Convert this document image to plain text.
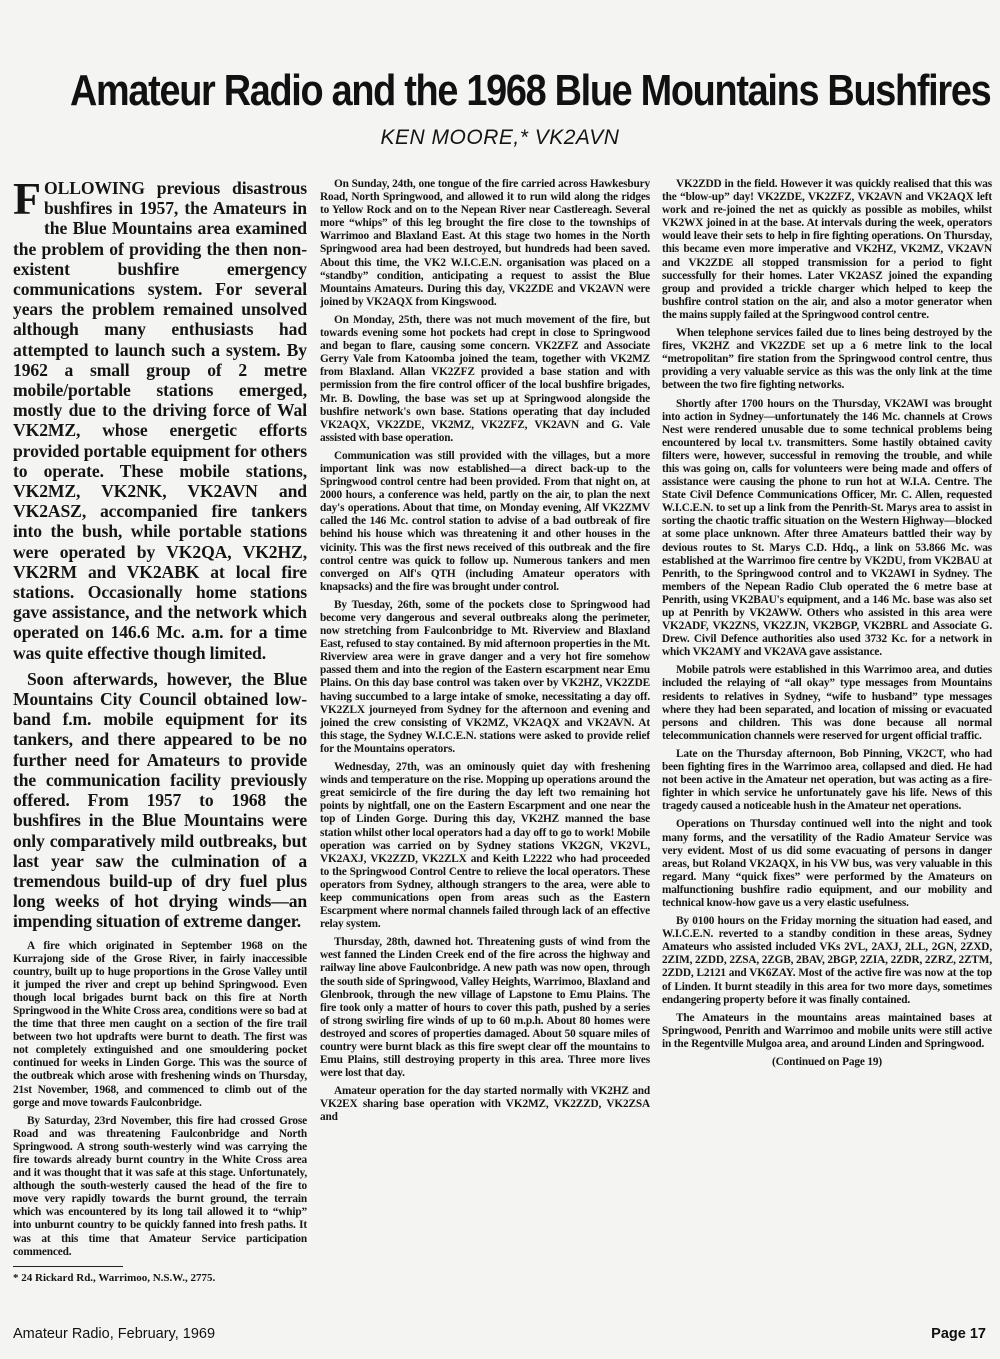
Amateur Radio and the 1968 Blue Mountains Bushfires
KEN MOORE,* VK2AVN

FOLLOWING previous disastrous bushfires in 1957, the Amateurs in the Blue Mountains area examined the problem of providing the then non-existent bushfire emergency communications system. For several years the problem remained unsolved although many enthusiasts had attempted to launch such a system. By 1962 a small group of 2 metre mobile/portable stations emerged, mostly due to the driving force of Wal VK2MZ, whose energetic efforts provided portable equipment for others to operate. These mobile stations, VK2MZ, VK2NK, VK2AVN and VK2ASZ, accompanied fire tankers into the bush, while portable stations were operated by VK2QA, VK2HZ, VK2RM and VK2ABK at local fire stations. Occasionally home stations gave assistance, and the network which operated on 146.6 Mc. a.m. for a time was quite effective though limited.

Soon afterwards, however, the Blue Mountains City Council obtained low-band f.m. mobile equipment for its tankers, and there appeared to be no further need for Amateurs to provide the communication facility previously offered. From 1957 to 1968 the bushfires in the Blue Mountains were only comparatively mild outbreaks, but last year saw the culmination of a tremendous build-up of dry fuel plus long weeks of hot drying winds—an impending situation of extreme danger.

A fire which originated in September 1968 on the Kurrajong side of the Grose River, in fairly inaccessible country, built up to huge proportions in the Grose Valley until it jumped the river and crept up behind Springwood. Even though local brigades burnt back on this fire at North Springwood in the White Cross area, conditions were so bad at the time that three men caught on a section of the fire trail between two hot updrafts were burnt to death. The first was not completely extinguished and one smouldering pocket continued for weeks in Linden Gorge. This was the source of the outbreak which arose with freshening winds on Thursday, 21st November, 1968, and commenced to climb out of the gorge and move towards Faulconbridge.

By Saturday, 23rd November, this fire had crossed Grose Road and was threatening Faulconbridge and North Springwood. A strong south-westerly wind was carrying the fire towards already burnt country in the White Cross area and it was thought that it was safe at this stage. Unfortunately, although the south-westerly caused the head of the fire to move very rapidly towards the burnt ground, the terrain which was encountered by its long tail allowed it to “whip” into unburnt country to be quickly fanned into fresh paths. It was at this time that Amateur Service participation commenced.

* 24 Rickard Rd., Warrimoo, N.S.W., 2775.

On Sunday, 24th, one tongue of the fire carried across Hawkesbury Road, North Springwood, and allowed it to run wild along the ridges to Yellow Rock and on to the Nepean River near Castlereagh. Several more “whips” of this leg brought the fire close to the townships of Warrimoo and Blaxland East. At this stage two homes in the North Springwood area had been destroyed, but hundreds had been saved. About this time, the VK2 W.I.C.E.N. organisation was placed on a “standby” condition, anticipating a request to assist the Blue Mountains Amateurs. During this day, VK2ZDE and VK2AVN were joined by VK2AQX from Kingswood.

On Monday, 25th, there was not much movement of the fire, but towards evening some hot pockets had crept in close to Springwood and began to flare, causing some concern. VK2ZFZ and Associate Gerry Vale from Katoomba joined the team, together with VK2MZ from Blaxland. Allan VK2ZFZ provided a base station and with permission from the fire control officer of the local bushfire brigades, Mr. B. Dowling, the base was set up at Springwood alongside the bushfire network's own base. Stations operating that day included VK2AQX, VK2ZDE, VK2MZ, VK2ZFZ, VK2AVN and G. Vale assisted with base operation.

Communication was still provided with the villages, but a more important link was now established—a direct back-up to the Springwood control centre had been provided. From that night on, at 2000 hours, a conference was held, partly on the air, to plan the next day's operations. About that time, on Monday evening, Alf VK2ZMV called the 146 Mc. control station to advise of a bad outbreak of fire behind his house which was threatening it and other houses in the vicinity. This was the first news received of this outbreak and the fire control centre was quick to follow up. Numerous tankers and men converged on Alf's QTH (including Amateur operators with knapsacks) and the fire was brought under control.

By Tuesday, 26th, some of the pockets close to Springwood had become very dangerous and several outbreaks along the perimeter, now stretching from Faulconbridge to Mt. Riverview and Blaxland East, refused to stay contained. By mid afternoon properties in the Mt. Riverview area were in grave danger and a very hot fire somehow passed them and into the region of the Eastern escarpment near Emu Plains. On this day base control was taken over by VK2HZ, VK2ZDE having succumbed to a large intake of smoke, necessitating a day off. VK2ZLX journeyed from Sydney for the afternoon and evening and joined the crew consisting of VK2MZ, VK2AQX and VK2AVN. At this stage, the Sydney W.I.C.E.N. stations were asked to provide relief for the Mountains operators.

Wednesday, 27th, was an ominously quiet day with freshening winds and temperature on the rise. Mopping up operations around the great semicircle of the fire during the day left two remaining hot points by nightfall, one on the Eastern Escarpment and one near the top of Linden Gorge. During this day, VK2HZ manned the base station whilst other local operators had a day off to go to work! Mobile operation was carried on by Sydney stations VK2GN, VK2VL, VK2AXJ, VK2ZZD, VK2ZLX and Keith L2222 who had proceeded to the Springwood Control Centre to relieve the local operators. These operators from Sydney, although strangers to the area, were able to keep communications open from areas such as the Eastern Escarpment where normal channels failed through lack of an effective relay system.

Thursday, 28th, dawned hot. Threatening gusts of wind from the west fanned the Linden Creek end of the fire across the highway and railway line above Faulconbridge. A new path was now open, through the south side of Springwood, Valley Heights, Warrimoo, Blaxland and Glenbrook, through the new village of Lapstone to Emu Plains. The fire took only a matter of hours to cover this path, pushed by a series of strong swirling fire winds of up to 60 m.p.h. About 80 homes were destroyed and scores of properties damaged. About 50 square miles of country were burnt black as this fire swept clear off the mountains to Emu Plains, still destroying property in this area. Three more lives were lost that day.

Amateur operation for the day started normally with VK2HZ and VK2EX sharing base operation with VK2MZ, VK2ZZD, VK2ZSA and

VK2ZDD in the field. However it was quickly realised that this was the “blow-up” day! VK2ZDE, VK2ZFZ, VK2AVN and VK2AQX left work and re-joined the net as quickly as possible as mobiles, whilst VK2WX joined in at the base. At intervals during the week, operators would leave their sets to help in fire fighting operations. On Thursday, this became even more imperative and VK2HZ, VK2MZ, VK2AVN and VK2ZDE all stopped transmission for a period to fight successfully for their homes. Later VK2ASZ joined the expanding group and provided a trickle charger which helped to keep the bushfire control station on the air, and also a motor generator when the mains supply failed at the Springwood control centre.

When telephone services failed due to lines being destroyed by the fires, VK2HZ and VK2ZDE set up a 6 metre link to the local “metropolitan” fire station from the Springwood control centre, thus providing a very valuable service as this was the only link at the time between the two fire fighting networks.

Shortly after 1700 hours on the Thursday, VK2AWI was brought into action in Sydney—unfortunately the 146 Mc. channels at Crows Nest were rendered unusable due to some technical problems being encountered by local t.v. transmitters. Some hastily obtained cavity filters were, however, successful in removing the trouble, and while this was going on, calls for volunteers were being made and offers of assistance were causing the phone to run hot at W.I.A. Centre. The State Civil Defence Communications Officer, Mr. C. Allen, requested W.I.C.E.N. to set up a link from the Penrith-St. Marys area to assist in sorting the chaotic traffic situation on the Western Highway—blocked at some place unknown. After three Amateurs battled their way by devious routes to St. Marys C.D. Hdq., a link on 53.866 Mc. was established at the Warrimoo fire centre by VK2DU, from VK2BAU at Penrith, to the Springwood control and to VK2AWI in Sydney. The members of the Nepean Radio Club operated the 6 metre base at Penrith, using VK2BAU's equipment, and a 146 Mc. base was also set up at Penrith by VK2AWW. Others who assisted in this area were VK2ADF, VK2ZNS, VK2ZJN, VK2BGP, VK2BRL and Associate G. Drew. Civil Defence authorities also used 3732 Kc. for a network in which VK2AMY and VK2AVA gave assistance.

Mobile patrols were established in this Warrimoo area, and duties included the relaying of “all okay” type messages from Mountains residents to relatives in Sydney, “wife to husband” type messages where they had been separated, and location of missing or evacuated persons and children. This was done because all normal telecommunication channels were reserved for urgent official traffic.

Late on the Thursday afternoon, Bob Pinning, VK2CT, who had been fighting fires in the Warrimoo area, collapsed and died. He had not been active in the Amateur net operation, but was acting as a fire-fighter in which service he unfortunately gave his life. News of this tragedy caused a noticeable hush in the Amateur net operations.

Operations on Thursday continued well into the night and took many forms, and the versatility of the Radio Amateur Service was very evident. Most of us did some evacuating of persons in danger areas, but Roland VK2AQX, in his VW bus, was very valuable in this regard. Many “quick fixes” were performed by the Amateurs on malfunctioning bushfire radio equipment, and our mobility and technical know-how gave us a very elastic usefulness.

By 0100 hours on the Friday morning the situation had eased, and W.I.C.E.N. reverted to a standby condition in these areas, Sydney Amateurs who assisted included VKs 2VL, 2AXJ, 2LL, 2GN, 2ZXD, 2ZIM, 2ZDD, 2ZSA, 2ZGB, 2BAV, 2BGP, 2ZIA, 2ZDR, 2ZRZ, 2ZTM, 2ZDD, L2121 and VK6ZAY. Most of the active fire was now at the top of Linden. It burnt steadily in this area for two more days, sometimes endangering property before it was finally contained.

The Amateurs in the mountains areas maintained bases at Springwood, Penrith and Warrimoo and mobile units were still active in the Regentville Mulgoa area, and around Linden and Springwood.

(Continued on Page 19)

Amateur Radio, February, 1969	Page 17
